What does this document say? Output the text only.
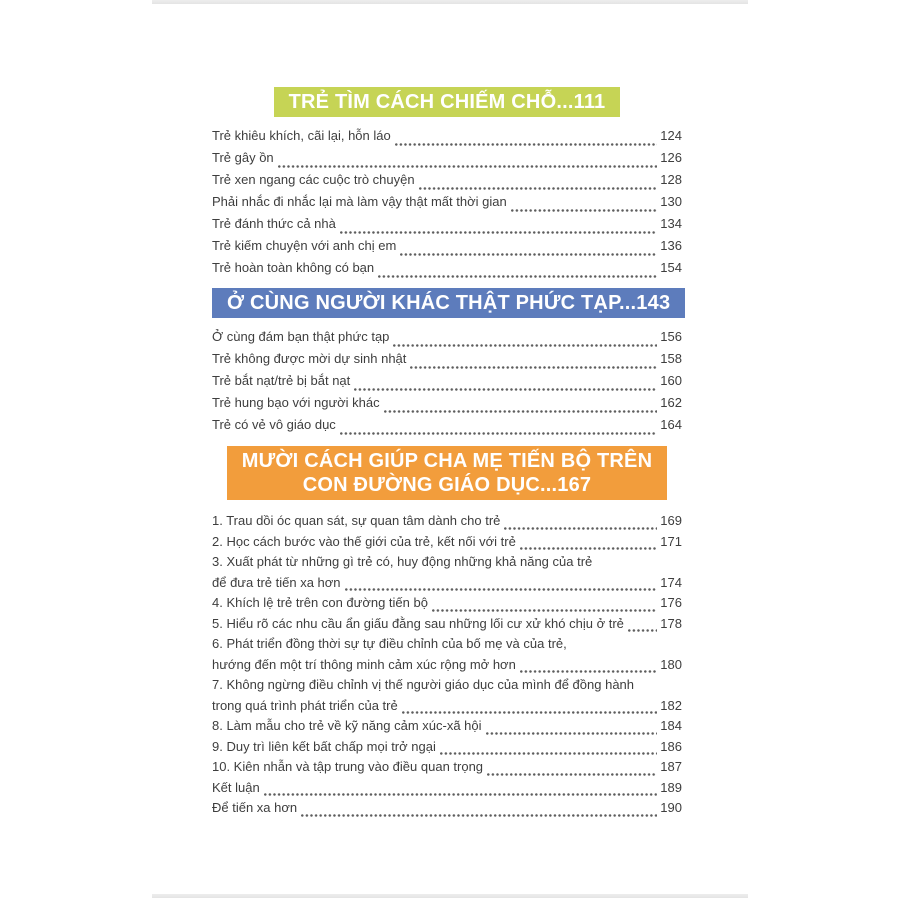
TRẺ TÌM CÁCH CHIẾM CHỖ...111
Trẻ khiêu khích, cãi lại, hỗn láo	124
Trẻ gây ồn	126
Trẻ xen ngang các cuộc trò chuyện	128
Phải nhắc đi nhắc lại mà làm vậy thật mất thời gian	130
Trẻ đánh thức cả nhà	134
Trẻ kiếm chuyện với anh chị em	136
Trẻ hoàn toàn không có bạn	154
Ở CÙNG NGƯỜI KHÁC THẬT PHỨC TẠP...143
Ở cùng đám bạn thật phức tạp	156
Trẻ không được mời dự sinh nhật	158
Trẻ bắt nạt/trẻ bị bắt nạt	160
Trẻ hung bạo với người khác	162
Trẻ có vẻ vô giáo dục	164
MƯỜI CÁCH GIÚP CHA MẸ TIẾN BỘ TRÊN
CON ĐƯỜNG GIÁO DỤC...167
1. Trau dồi óc quan sát, sự quan tâm dành cho trẻ	169
2. Học cách bước vào thế giới của trẻ, kết nối với trẻ	171
3. Xuất phát từ những gì trẻ có, huy động những khả năng của trẻ
để đưa trẻ tiến xa hơn	174
4. Khích lệ trẻ trên con đường tiến bộ	176
5. Hiểu rõ các nhu cầu ẩn giấu đằng sau những lối cư xử khó chịu ở trẻ	178
6. Phát triển đồng thời sự tự điều chỉnh của bố mẹ và của trẻ,
hướng đến một trí thông minh cảm xúc rộng mở hơn	180
7. Không ngừng điều chỉnh vị thế người giáo dục của mình để đồng hành
trong quá trình phát triển của trẻ	182
8. Làm mẫu cho trẻ về kỹ năng cảm xúc-xã hội	184
9. Duy trì liên kết bất chấp mọi trở ngại	186
10. Kiên nhẫn và tập trung vào điều quan trọng	187
Kết luận	189
Để tiến xa hơn	190
